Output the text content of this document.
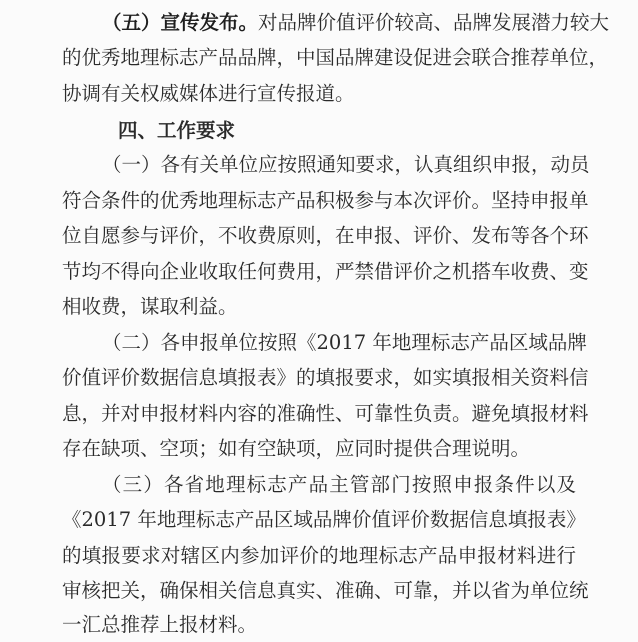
（五）宣传发布。对品牌价值评价较高、品牌发展潜力较大
的优秀地理标志产品品牌，中国品牌建设促进会联合推荐单位，
协调有关权威媒体进行宣传报道。
四、工作要求
（一）各有关单位应按照通知要求，认真组织申报，动员
符合条件的优秀地理标志产品积极参与本次评价。坚持申报单
位自愿参与评价，不收费原则，在申报、评价、发布等各个环
节均不得向企业收取任何费用，严禁借评价之机搭车收费、变
相收费，谋取利益。
（二）各申报单位按照《2017 年地理标志产品区域品牌
价值评价数据信息填报表》的填报要求，如实填报相关资料信
息，并对申报材料内容的准确性、可靠性负责。避免填报材料
存在缺项、空项；如有空缺项，应同时提供合理说明。
（三）各省地理标志产品主管部门按照申报条件以及
《2017 年地理标志产品区域品牌价值评价数据信息填报表》
的填报要求对辖区内参加评价的地理标志产品申报材料进行
审核把关，确保相关信息真实、准确、可靠，并以省为单位统
一汇总推荐上报材料。
